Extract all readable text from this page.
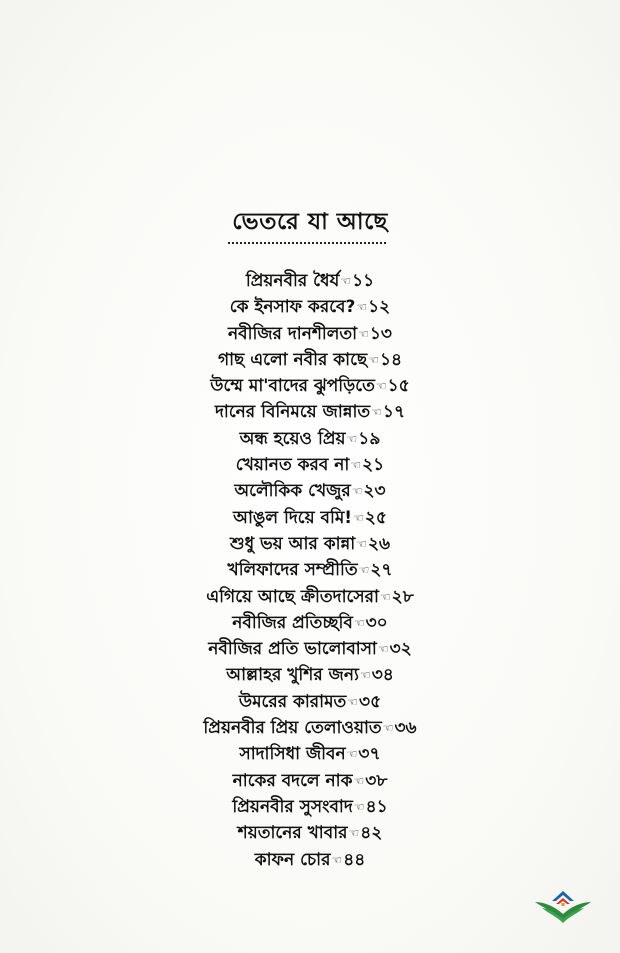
ভেতরে যা আছে
প্রিয়নবীর ধৈর্য☜১১
কে ইনসাফ করবে?☜১২
নবীজির দানশীলতা☜১৩
গাছ এলো নবীর কাছে☜১৪
উম্মে মা'বাদের ঝুপড়িতে☜১৫
দানের বিনিময়ে জান্নাত☜১৭
অন্ধ হয়েও প্রিয়☜১৯
খেয়ানত করব না☜২১
অলৌকিক খেজুর☜২৩
আঙুল দিয়ে বমি!☜২৫
শুধু ভয় আর কান্না☜২৬
খলিফাদের সম্প্রীতি☜২৭
এগিয়ে আছে ক্রীতদাসেরা☜২৮
নবীজির প্রতিচ্ছবি☜৩০
নবীজির প্রতি ভালোবাসা☜৩২
আল্লাহর খুশির জন্য☜৩৪
উমরের কারামত☜৩৫
প্রিয়নবীর প্রিয় তেলাওয়াত☜৩৬
সাদাসিধা জীবন☜৩৭
নাকের বদলে নাক☜৩৮
প্রিয়নবীর সুসংবাদ☜৪১
শয়তানের খাবার☜৪২
কাফন চোর☜৪৪
